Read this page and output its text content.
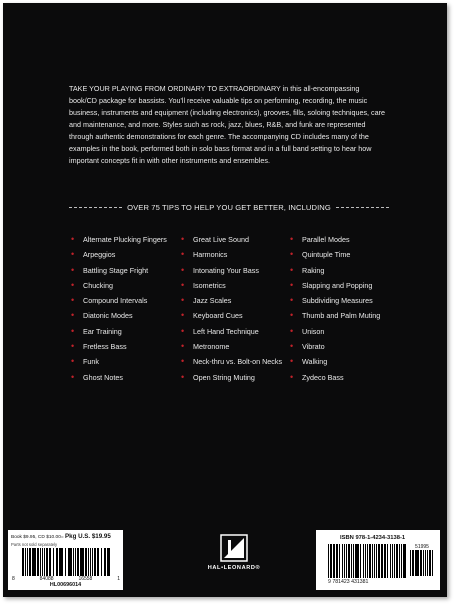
TAKE YOUR PLAYING FROM ORDINARY TO EXTRAORDINARY in this all-encompassing book/CD package for bassists. You'll receive valuable tips on performing, recording, the music business, instruments and equipment (including electronics), grooves, fills, soloing techniques, care and maintenance, and more. Styles such as rock, jazz, blues, R&B, and funk are represented through authentic demonstrations for each genre. The accompanying CD includes many of the examples in the book, performed both in solo bass format and in a full band setting to hear how important concepts fit in with other instruments and ensembles.

OVER 75 TIPS TO HELP YOU GET BETTER, INCLUDING
• Alternate Plucking Fingers
• Arpeggios
• Battling Stage Fright
• Chucking
• Compound Intervals
• Diatonic Modes
• Ear Training
• Fretless Bass
• Funk
• Ghost Notes
• Great Live Sound
• Harmonics
• Intonating Your Bass
• Isometrics
• Jazz Scales
• Keyboard Cues
• Left Hand Technique
• Metronome
• Neck-thru vs. Bolt-on Necks
• Open String Muting
• Parallel Modes
• Quintuple Time
• Raking
• Slapping and Popping
• Subdividing Measures
• Thumb and Palm Muting
• Unison
• Vibrato
• Walking
• Zydeco Bass
Book $9.95, CD $10.00= Pkg U.S. $19.95
Parts not sold separately
8	84088	16558	1
HL00696014
HAL•LEONARD®
ISBN 978-1-4234-3138-1
51995
9 781423 431381
